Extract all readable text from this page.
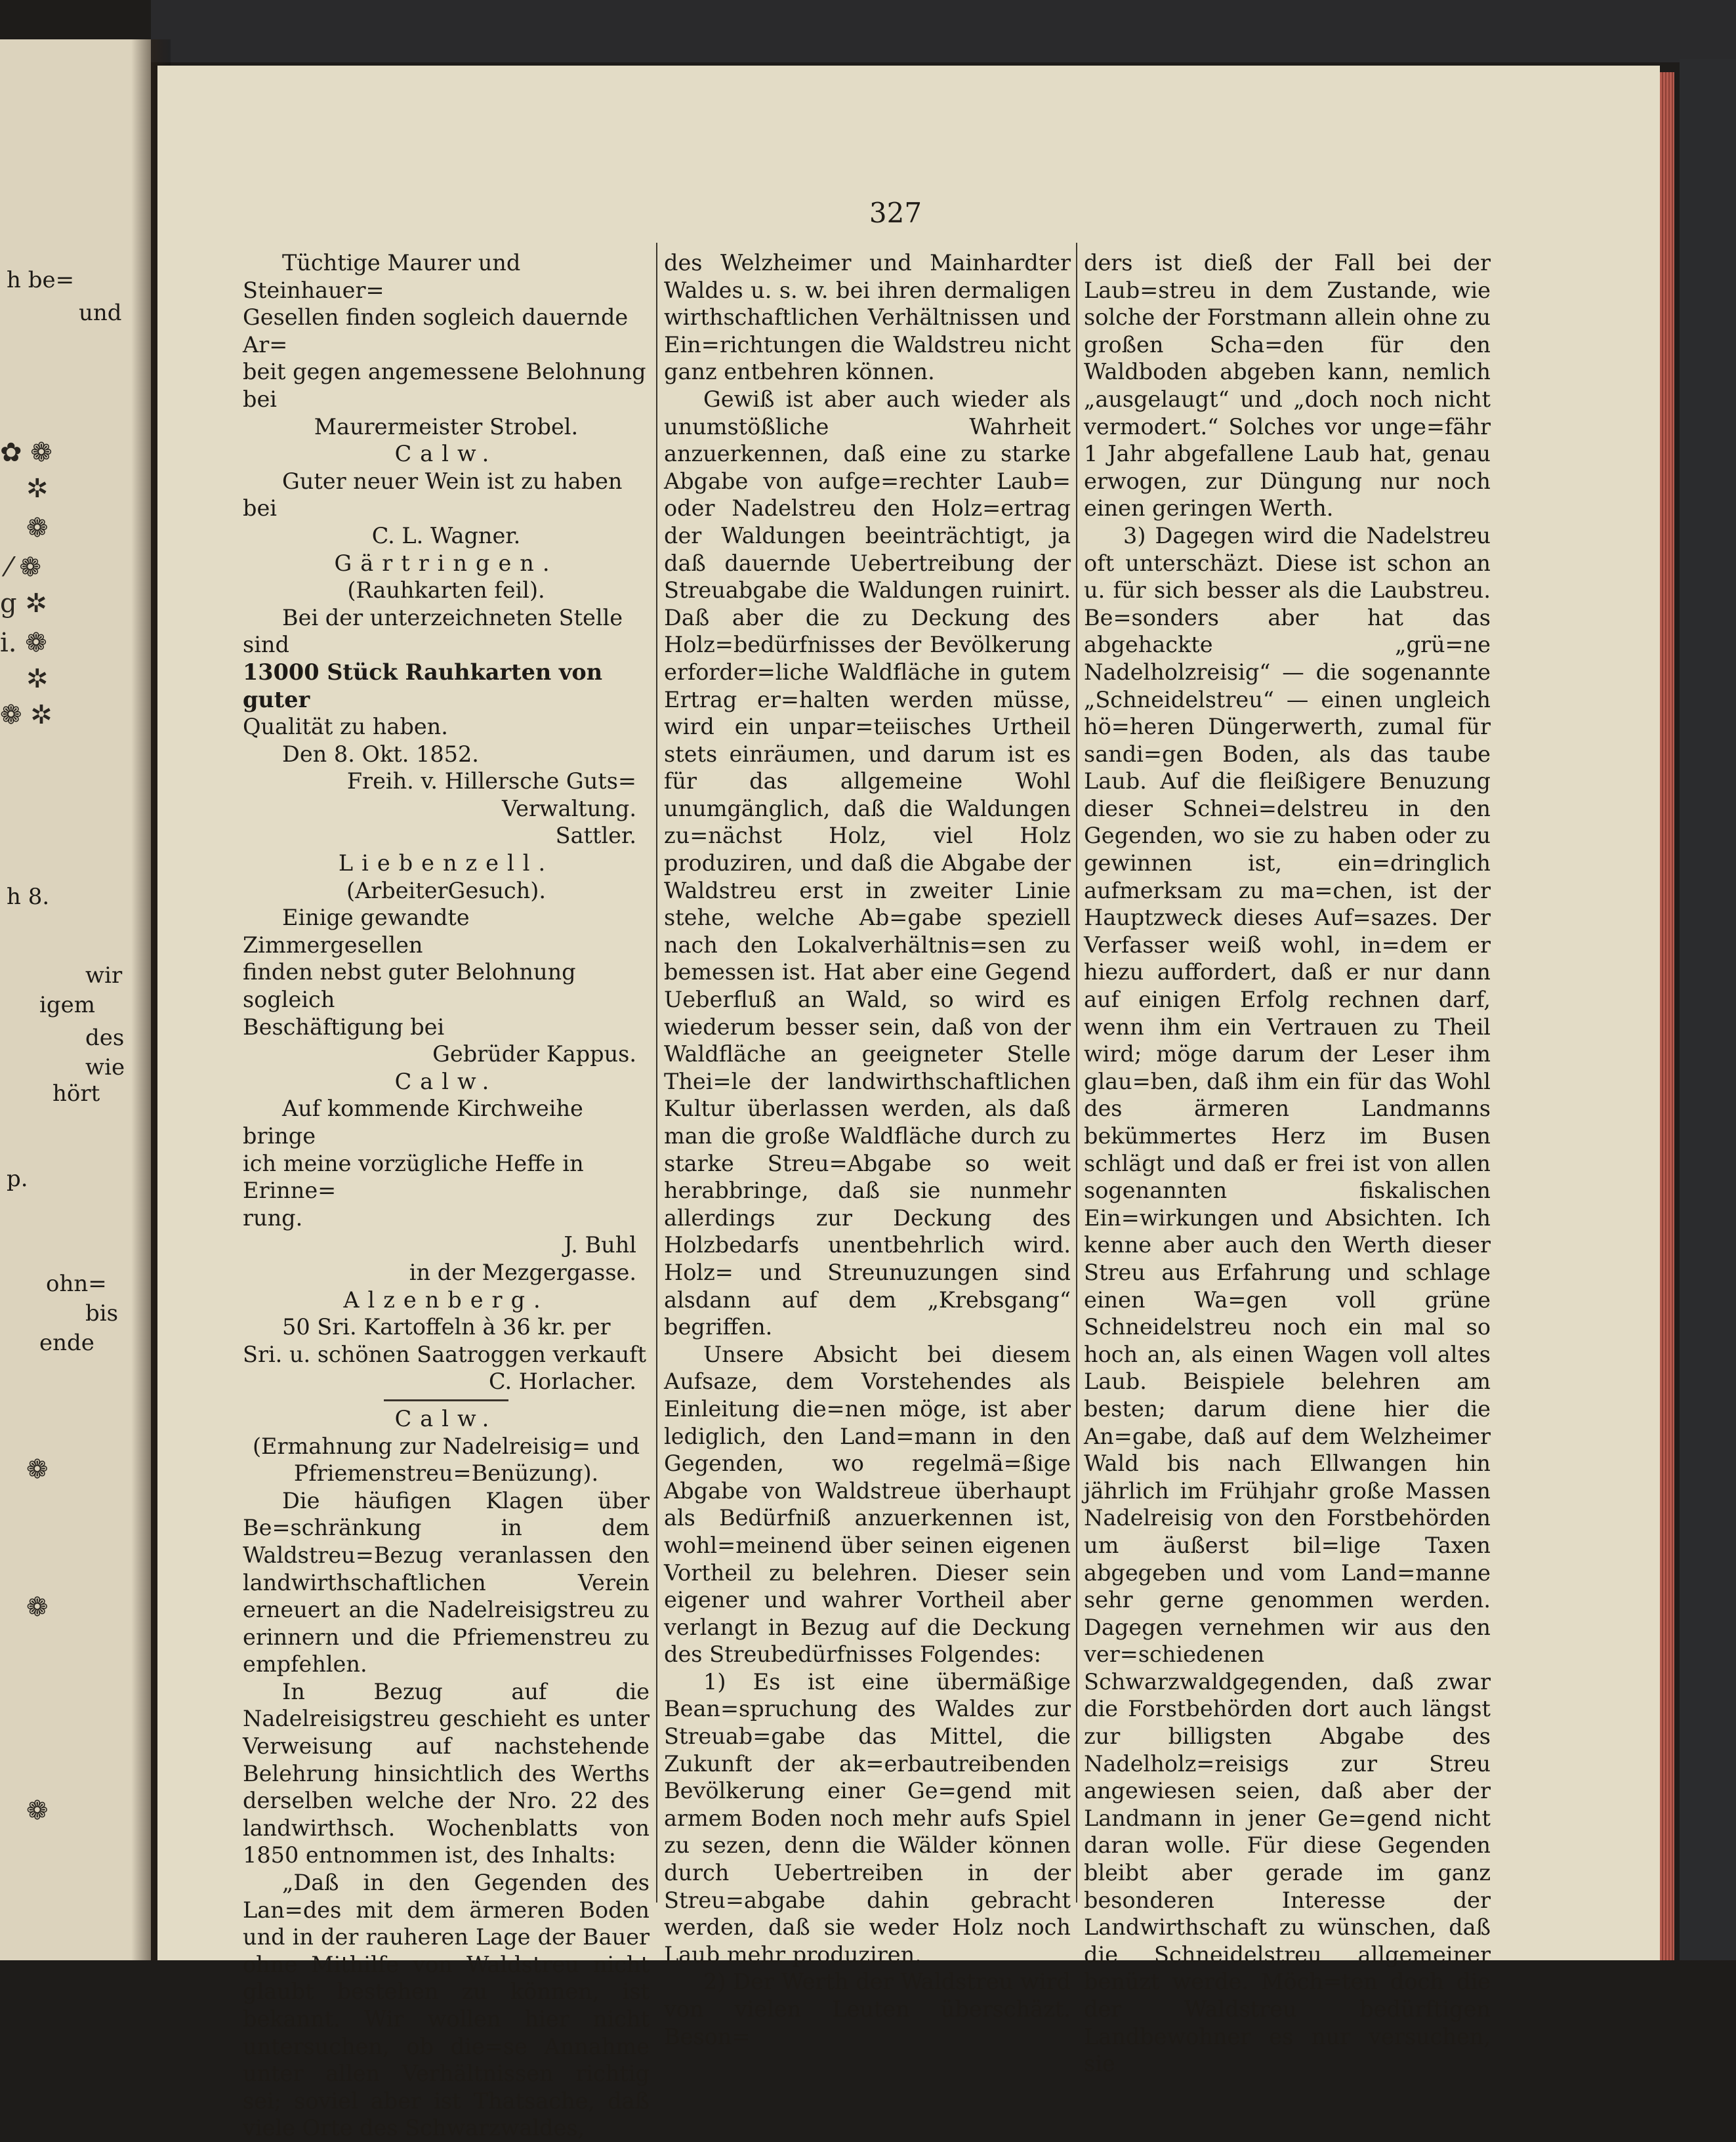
h be=
und
✿ ❁
✲
❁
⁄ ❁
g ✲
i. ❁
✲
❁ ✲
h 8.
wir
igem
des
wie
hört
p.
ohn=
bis
ende
❁
❁
❁
327

Tüchtige Maurer und Steinhauer=

Gesellen finden sogleich dauernde Ar=

beit gegen angemessene Belohnung bei

Maurermeister Strobel.

Calw.

Guter neuer Wein ist zu haben bei

C. L. Wagner.

Gärtringen.

(Rauhkarten feil).

Bei der unterzeichneten Stelle sind

13000 Stück Rauhkarten von guter

Qualität zu haben.

Den 8. Okt. 1852.

Freih. v. Hillersche Guts=

Verwaltung.

Sattler.

Liebenzell.

(ArbeiterGesuch).

Einige gewandte Zimmergesellen

finden nebst guter Belohnung sogleich

Beschäftigung bei

Gebrüder Kappus.

Calw.

Auf kommende Kirchweihe bringe

ich meine vorzügliche Heffe in Erinne=

rung.

J. Buhl

in der Mezgergasse.

Alzenberg.

50 Sri. Kartoffeln à 36 kr. per

Sri. u. schönen Saatroggen verkauft

C. Horlacher.

Calw.

(Ermahnung zur Nadelreisig= und

Pfriemenstreu=Benüzung).

Die häufigen Klagen über Be=schränkung in dem Waldstreu=Bezug veranlassen den landwirthschaftlichen Verein erneuert an die Nadelreisigstreu zu erinnern und die Pfriemenstreu zu empfehlen.

In Bezug auf die Nadelreisigstreu geschieht es unter Verweisung auf nachstehende Belehrung hinsichtlich des Werths derselben welche der Nro. 22 des landwirthsch. Wochenblatts von 1850 entnommen ist, des Inhalts:

„Daß in den Gegenden des Lan=des mit dem ärmeren Boden und in der rauheren Lage der Bauer ohne Mithilfe von Waldstreu nicht glaubt bestehen zu können, ist bekannt. Wir wollen hier nicht untersuchen, ob die=se Annahme unter allen Verhältnissen richtig sei; soviel aber ist Thatsache, daß viele Orte des Schwarzwaldes,

des Welzheimer und Mainhardter Waldes u. s. w. bei ihren dermaligen wirthschaftlichen Verhältnissen und Ein=richtungen die Waldstreu nicht ganz entbehren können.

Gewiß ist aber auch wieder als unumstößliche Wahrheit anzuerkennen, daß eine zu starke Abgabe von aufge=rechter Laub= oder Nadelstreu den Holz=ertrag der Waldungen beeinträchtigt, ja daß dauernde Uebertreibung der Streuabgabe die Waldungen ruinirt. Daß aber die zu Deckung des Holz=bedürfnisses der Bevölkerung erforder=liche Waldfläche in gutem Ertrag er=halten werden müsse, wird ein unpar=teiisches Urtheil stets einräumen, und darum ist es für das allgemeine Wohl unumgänglich, daß die Waldungen zu=nächst Holz, viel Holz produziren, und daß die Abgabe der Waldstreu erst in zweiter Linie stehe, welche Ab=gabe speziell nach den Lokalverhältnis=sen zu bemessen ist. Hat aber eine Gegend Ueberfluß an Wald, so wird es wiederum besser sein, daß von der Waldfläche an geeigneter Stelle Thei=le der landwirthschaftlichen Kultur überlassen werden, als daß man die große Waldfläche durch zu starke Streu=Abgabe so weit herabbringe, daß sie nunmehr allerdings zur Deckung des Holzbedarfs unentbehrlich wird. Holz= und Streunuzungen sind alsdann auf dem „Krebsgang“ begriffen.

Unsere Absicht bei diesem Aufsaze, dem Vorstehendes als Einleitung die=nen möge, ist aber lediglich, den Land=mann in den Gegenden, wo regelmä=ßige Abgabe von Waldstreue überhaupt als Bedürfniß anzuerkennen ist, wohl=meinend über seinen eigenen Vortheil zu belehren. Dieser sein eigener und wahrer Vortheil aber verlangt in Bezug auf die Deckung des Streubedürfnisses Folgendes:

1) Es ist eine übermäßige Bean=spruchung des Waldes zur Streuab=gabe das Mittel, die Zukunft der ak=erbautreibenden Bevölkerung einer Ge=gend mit armem Boden noch mehr aufs Spiel zu sezen, denn die Wälder können durch Uebertreiben in der Streu=abgabe dahin gebracht werden, daß sie weder Holz noch Laub mehr produziren.

2) Der Werth der Waldstreu wird von vielen Leuten überschäzt. Beson=

ders ist dieß der Fall bei der Laub=streu in dem Zustande, wie solche der Forstmann allein ohne zu großen Scha=den für den Waldboden abgeben kann, nemlich „ausgelaugt“ und „doch noch nicht vermodert.“ Solches vor unge=fähr 1 Jahr abgefallene Laub hat, genau erwogen, zur Düngung nur noch einen geringen Werth.

3) Dagegen wird die Nadelstreu oft unterschäzt. Diese ist schon an u. für sich besser als die Laubstreu. Be=sonders aber hat das abgehackte „grü=ne Nadelholzreisig“ — die sogenannte „Schneidelstreu“ — einen ungleich hö=heren Düngerwerth, zumal für sandi=gen Boden, als das taube Laub. Auf die fleißigere Benuzung dieser Schnei=delstreu in den Gegenden, wo sie zu haben oder zu gewinnen ist, ein=dringlich aufmerksam zu ma=chen, ist der Hauptzweck dieses Auf=sazes. Der Verfasser weiß wohl, in=dem er hiezu auffordert, daß er nur dann auf einigen Erfolg rechnen darf, wenn ihm ein Vertrauen zu Theil wird; möge darum der Leser ihm glau=ben, daß ihm ein für das Wohl des ärmeren Landmanns bekümmertes Herz im Busen schlägt und daß er frei ist von allen sogenannten fiskalischen Ein=wirkungen und Absichten. Ich kenne aber auch den Werth dieser Streu aus Erfahrung und schlage einen Wa=gen voll grüne Schneidelstreu noch ein mal so hoch an, als einen Wagen voll altes Laub. Beispiele belehren am besten; darum diene hier die An=gabe, daß auf dem Welzheimer Wald bis nach Ellwangen hin jährlich im Frühjahr große Massen Nadelreisig von den Forstbehörden um äußerst bil=lige Taxen abgegeben und vom Land=manne sehr gerne genommen werden. Dagegen vernehmen wir aus den ver=schiedenen Schwarzwaldgegenden, daß zwar die Forstbehörden dort auch längst zur billigsten Abgabe des Nadelholz=reisigs zur Streu angewiesen seien, daß aber der Landmann in jener Ge=gend nicht daran wolle. Für diese Gegenden bleibt aber gerade im ganz besonderen Interesse der Landwirthschaft zu wünschen, daß die Schneidelstreu allgemeiner benüzt werde. Möch=ten doch die der Waldstreu bedürftigen Landbewohner es nur versuchen, sie
